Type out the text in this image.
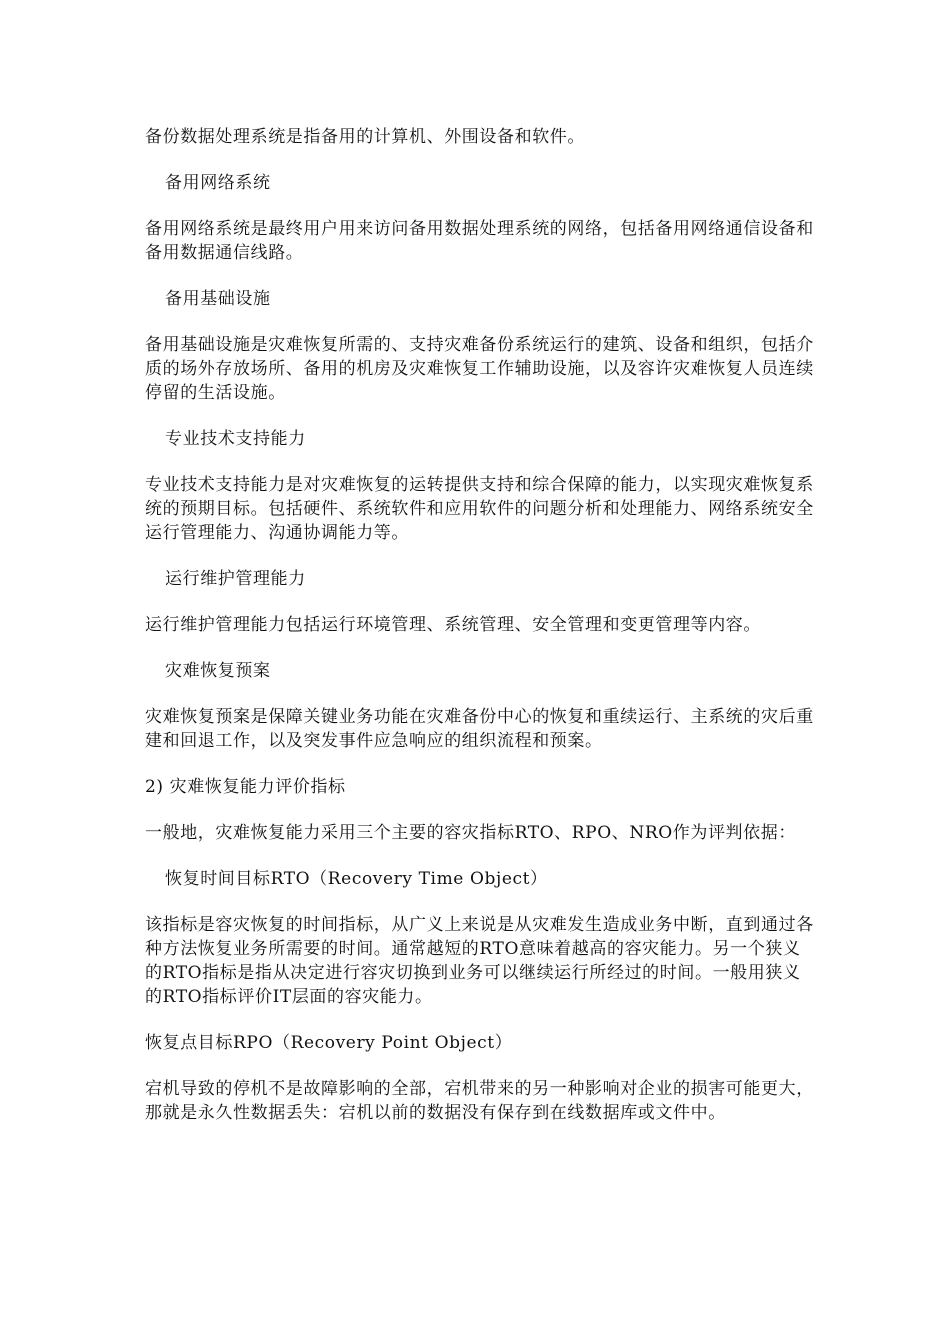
备份数据处理系统是指备用的计算机、外围设备和软件。

备用网络系统

备用网络系统是最终用户用来访问备用数据处理系统的网络，包括备用网络通信设备和备用数据通信线路。

备用基础设施

备用基础设施是灾难恢复所需的、支持灾难备份系统运行的建筑、设备和组织，包括介质的场外存放场所、备用的机房及灾难恢复工作辅助设施，以及容许灾难恢复人员连续停留的生活设施。

专业技术支持能力

专业技术支持能力是对灾难恢复的运转提供支持和综合保障的能力，以实现灾难恢复系统的预期目标。包括硬件、系统软件和应用软件的问题分析和处理能力、网络系统安全运行管理能力、沟通协调能力等。

运行维护管理能力

运行维护管理能力包括运行环境管理、系统管理、安全管理和变更管理等内容。

灾难恢复预案

灾难恢复预案是保障关键业务功能在灾难备份中心的恢复和重续运行、主系统的灾后重建和回退工作，以及突发事件应急响应的组织流程和预案。

2) 灾难恢复能力评价指标

一般地，灾难恢复能力采用三个主要的容灾指标RTO、RPO、NRO作为评判依据：

恢复时间目标RTO（Recovery Time Object）

该指标是容灾恢复的时间指标，从广义上来说是从灾难发生造成业务中断，直到通过各种方法恢复业务所需要的时间。通常越短的RTO意味着越高的容灾能力。另一个狭义的RTO指标是指从决定进行容灾切换到业务可以继续运行所经过的时间。一般用狭义的RTO指标评价IT层面的容灾能力。

恢复点目标RPO（Recovery Point Object）

宕机导致的停机不是故障影响的全部，宕机带来的另一种影响对企业的损害可能更大，那就是永久性数据丢失：宕机以前的数据没有保存到在线数据库或文件中。
